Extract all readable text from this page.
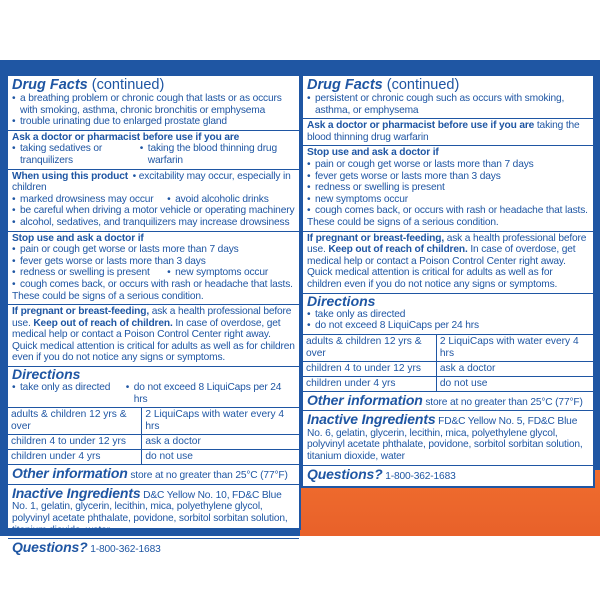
Drug Facts (continued)
• a breathing problem or chronic cough that lasts or as occurs with smoking, asthma, chronic bronchitis or emphysema
• trouble urinating due to enlarged prostate gland
Ask a doctor or pharmacist before use if you are
• taking sedatives or tranquilizers
• taking the blood thinning drug warfarin
When using this product • excitability may occur, especially in children
• marked drowsiness may occur	• avoid alcoholic drinks
• be careful when driving a motor vehicle or operating machinery
• alcohol, sedatives, and tranquilizers may increase drowsiness
Stop use and ask a doctor if
• pain or cough get worse or lasts more than 7 days
• fever gets worse or lasts more than 3 days
• redness or swelling is present	• new symptoms occur
• cough comes back, or occurs with rash or headache that lasts.
These could be signs of a serious condition.
If pregnant or breast-feeding, ask a health professional before use. Keep out of reach of children. In case of overdose, get medical help or contact a Poison Control Center right away. Quick medical attention is critical for adults as well as for children even if you do not notice any signs or symptoms.
Directions
• take only as directed	• do not exceed 8 LiquiCaps per 24 hrs
adults & children 12 yrs & over	2 LiquiCaps with water every 4 hrs
children 4 to under 12 yrs	ask a doctor
children under 4 yrs	do not use
Other information store at no greater than 25°C (77°F)
Inactive Ingredients D&C Yellow No. 10, FD&C Blue No. 1, gelatin, glycerin, lecithin, mica, polyethylene glycol, polyvinyl acetate phthalate, povidone, sorbitol sorbitan solution, titanium dioxide, water
Questions? 1-800-362-1683
Drug Facts (continued)
• persistent or chronic cough such as occurs with smoking, asthma, or emphysema
Ask a doctor or pharmacist before use if you are taking the blood thinning drug warfarin
Stop use and ask a doctor if
• pain or cough get worse or lasts more than 7 days
• fever gets worse or lasts more than 3 days
• redness or swelling is present
• new symptoms occur
• cough comes back, or occurs with rash or headache that lasts.
These could be signs of a serious condition.
If pregnant or breast-feeding, ask a health professional before use. Keep out of reach of children. In case of overdose, get medical help or contact a Poison Control Center right away. Quick medical attention is critical for adults as well as for children even if you do not notice any signs or symptoms.
Directions
• take only as directed
• do not exceed 8 LiquiCaps per 24 hrs
adults & children 12 yrs & over	2 LiquiCaps with water every 4 hrs
children 4 to under 12 yrs	ask a doctor
children under 4 yrs	do not use
Other information store at no greater than 25°C (77°F)
Inactive Ingredients FD&C Yellow No. 5, FD&C Blue No. 6, gelatin, glycerin, lecithin, mica, polyethylene glycol, polyvinyl acetate phthalate, povidone, sorbitol sorbitan solution, titanium dioxide, water
Questions? 1-800-362-1683
